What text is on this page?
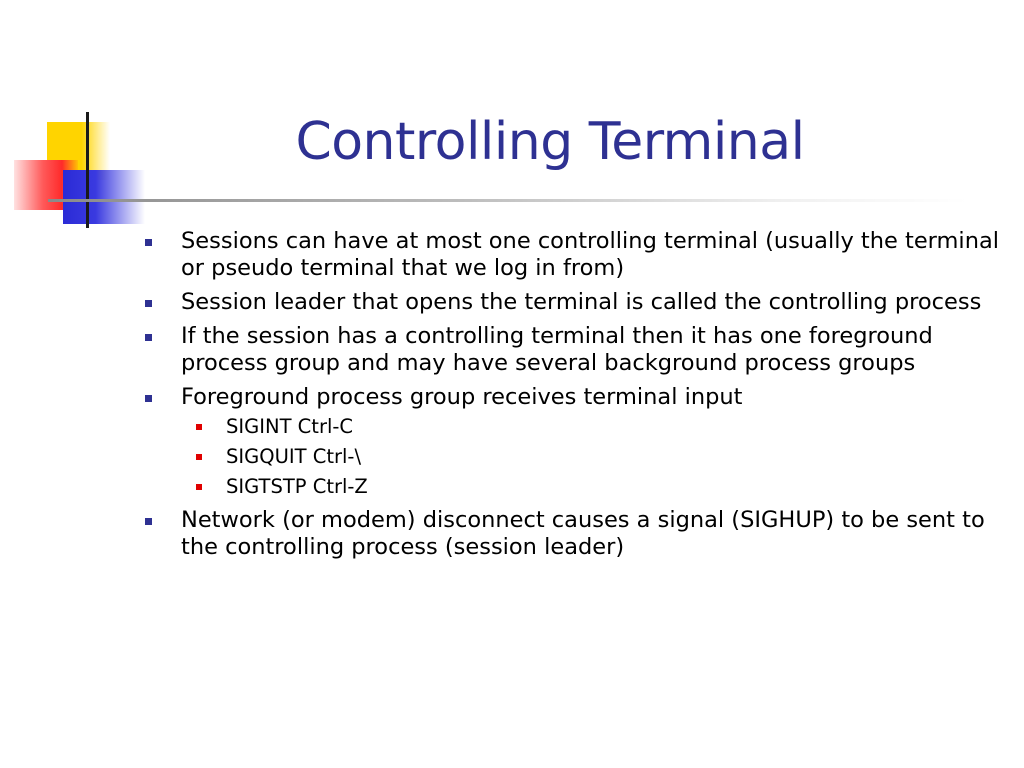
Controlling Terminal
Sessions can have at most one controlling terminal (usually the terminal or pseudo terminal that we log in from)
Session leader that opens the terminal is called the controlling process
If the session has a controlling terminal then it has one foreground process group and may have several background process groups
Foreground process group receives terminal input
SIGINT Ctrl-C
SIGQUIT Ctrl-\
SIGTSTP Ctrl-Z
Network (or modem) disconnect causes a signal (SIGHUP) to be sent to the controlling process (session leader)
